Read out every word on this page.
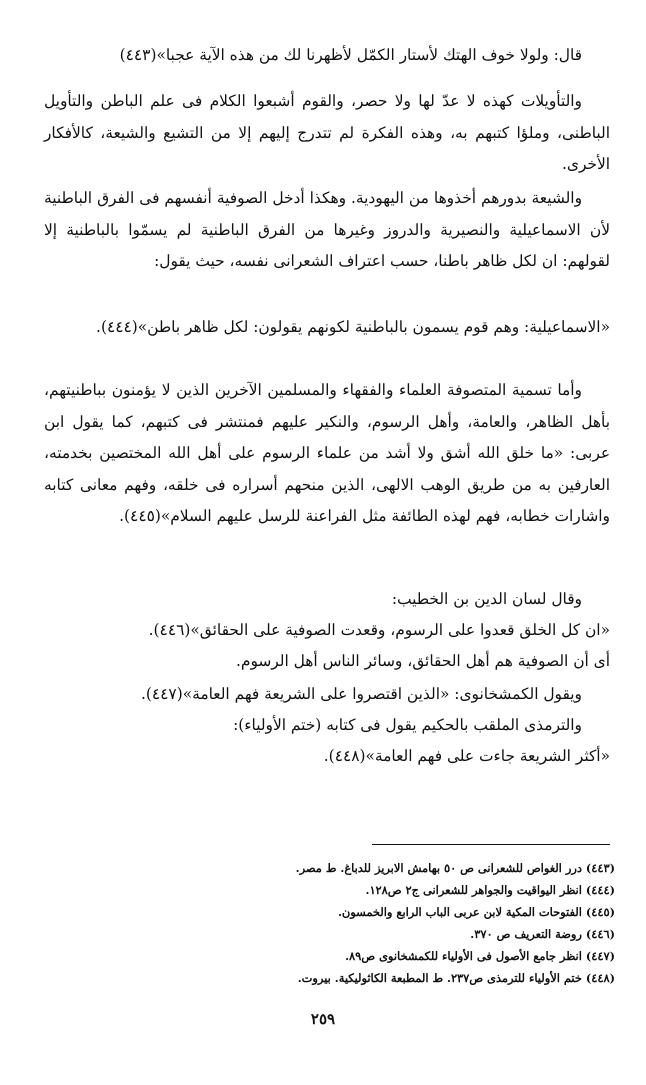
قال: ولولا خوف الهتك لأستار الكمّل لأظهرنا لك من هذه الآية عجبا»(٤٤٣)

والتأويلات كهذه لا عدّ لها ولا حصر، والقوم أشبعوا الكلام فى علم الباطن والتأويل الباطنى، وملؤا كتبهم به، وهذه الفكرة لم تتدرج إليهم إلا من التشيع والشيعة، كالأفكار الأخرى.

والشيعة بدورهم أخذوها من اليهودية. وهكذا أدخل الصوفية أنفسهم فى الفرق الباطنية لأن الاسماعيلية والنصيرية والدروز وغيرها من الفرق الباطنية لم يسمّوا بالباطنية إلا لقولهم: ان لكل ظاهر باطنا، حسب اعتراف الشعرانى نفسه، حيث يقول:

«الاسماعيلية: وهم قوم يسمون بالباطنية لكونهم يقولون: لكل ظاهر باطن»(٤٤٤).

وأما تسمية المتصوفة العلماء والفقهاء والمسلمين الآخرين الذين لا يؤمنون بباطنيتهم، بأهل الظاهر، والعامة، وأهل الرسوم، والنكير عليهم فمنتشر فى كتبهم، كما يقول ابن عربى: «ما خلق الله أشق ولا أشد من علماء الرسوم على أهل الله المختصين بخدمته، العارفين به من طريق الوهب الالهى، الذين منحهم أسراره فى خلقه، وفهم معانى كتابه واشارات خطابه، فهم لهذه الطائفة مثل الفراعنة للرسل عليهم السلام»(٤٤٥).

وقال لسان الدين بن الخطيب:
«ان كل الخلق قعدوا على الرسوم، وقعدت الصوفية على الحقائق»(٤٤٦).
أى أن الصوفية هم أهل الحقائق، وسائر الناس أهل الرسوم.
ويقول الكمشخانوى: «الذين اقتصروا على الشريعة فهم العامة»(٤٤٧).
والترمذى الملقب بالحكيم يقول فى كتابه (ختم الأولياء):
«أكثر الشريعة جاءت على فهم العامة»(٤٤٨).
(٤٤٣) درر الغواص للشعرانى ص ٥٠ بهامش الابريز للدباغ. ط مصر.
(٤٤٤) انظر اليواقيت والجواهر للشعرانى ج٢ ص١٢٨.
(٤٤٥) الفتوحات المكية لابن عربى الباب الرابع والخمسون.
(٤٤٦) روضة التعريف ص ٣٧٠.
(٤٤٧) انظر جامع الأصول فى الأولياء للكمشخانوى ص٨٩.
(٤٤٨) ختم الأولياء للترمذى ص٢٣٧. ط المطبعة الكاثوليكية. بيروت.
٢٥٩
